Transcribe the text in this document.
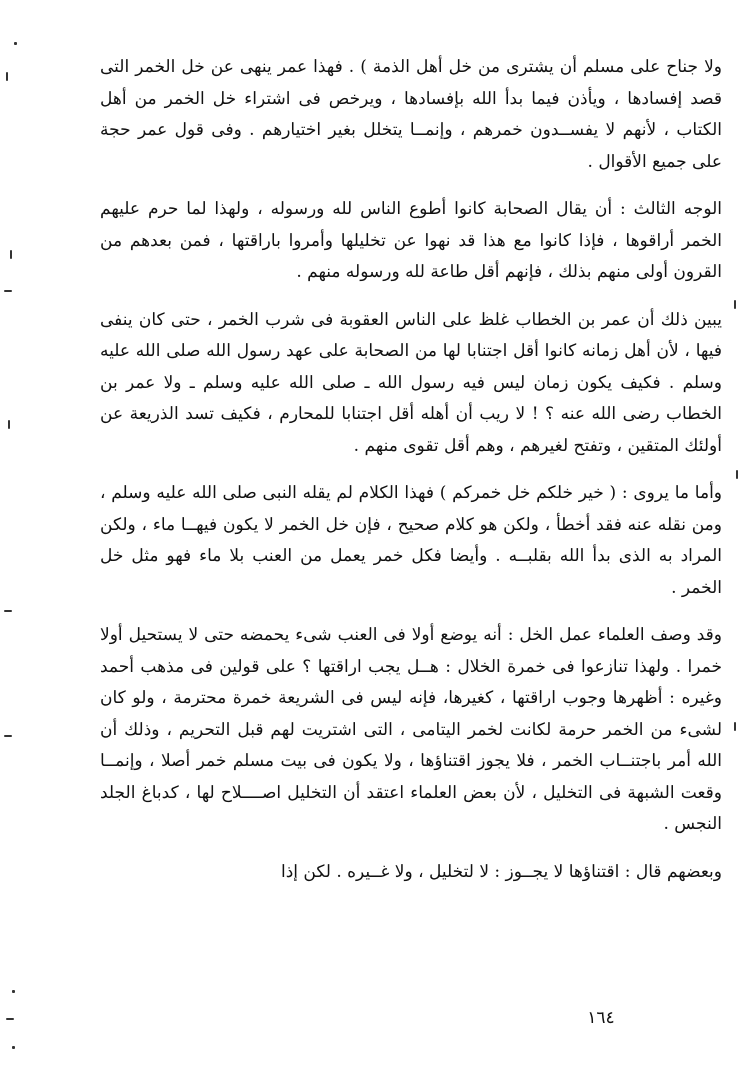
ولا جناح على مسلم أن يشترى من خل أهل الذمة ) . فهذا عمر ينهى عن خل الخمر التى قصد إفسادها ، ويأذن فيما بدأ الله بإفسادها ، ويرخص فى اشتراء خل الخمر من أهل الكتاب ، لأنهم لا يفســدون خمرهم ، وإنمــا يتخلل بغير اختيارهم . وفى قول عمر حجة على جميع الأقوال .

الوجه الثالث : أن يقال الصحابة كانوا أطوع الناس لله ورسوله ، ولهذا لما حرم عليهم الخمر أراقوها ، فإذا كانوا مع هذا قد نهوا عن تخليلها وأمروا باراقتها ، فمن بعدهم من القرون أولى منهم بذلك ، فإنهم أقل طاعة لله ورسوله منهم .

يبين ذلك أن عمر بن الخطاب غلظ على الناس العقوبة فى شرب الخمر ، حتى كان ينفى فيها ، لأن أهل زمانه كانوا أقل اجتنابا لها من الصحابة على عهد رسول الله صلى الله عليه وسلم . فكيف يكون زمان ليس فيه رسول الله ـ صلى الله عليه وسلم ـ ولا عمر بن الخطاب رضى الله عنه ؟ ! لا ريب أن أهله أقل اجتنابا للمحارم ، فكيف تسد الذريعة عن أولئك المتقين ، وتفتح لغيرهم ، وهم أقل تقوى منهم .

وأما ما يروى : ( خير خلكم خل خمركم ) فهذا الكلام لم يقله النبى صلى الله عليه وسلم ، ومن نقله عنه فقد أخطأ ، ولكن هو كلام صحيح ، فإن خل الخمر لا يكون فيهــا ماء ، ولكن المراد به الذى بدأ الله بقلبــه . وأيضا فكل خمر يعمل من العنب بلا ماء فهو مثل خل الخمر .

وقد وصف العلماء عمل الخل : أنه يوضع أولا فى العنب شىء يحمضه حتى لا يستحيل أولا خمرا . ولهذا تنازعوا فى خمرة الخلال : هــل يجب اراقتها ؟ على قولين فى مذهب أحمد وغيره : أظهرها وجوب اراقتها ، كغيرها، فإنه ليس فى الشريعة خمرة محترمة ، ولو كان لشىء من الخمر حرمة لكانت لخمر اليتامى ، التى اشتريت لهم قبل التحريم ، وذلك أن الله أمر باجتنــاب الخمر ، فلا يجوز اقتناؤها ، ولا يكون فى بيت مسلم خمر أصلا ، وإنمــا وقعت الشبهة فى التخليل ، لأن بعض العلماء اعتقد أن التخليل اصــــلاح لها ، كدباغ الجلد النجس .

وبعضهم قال : اقتناؤها لا يجــوز : لا لتخليل ، ولا غــيره . لكن إذا

١٦٤
